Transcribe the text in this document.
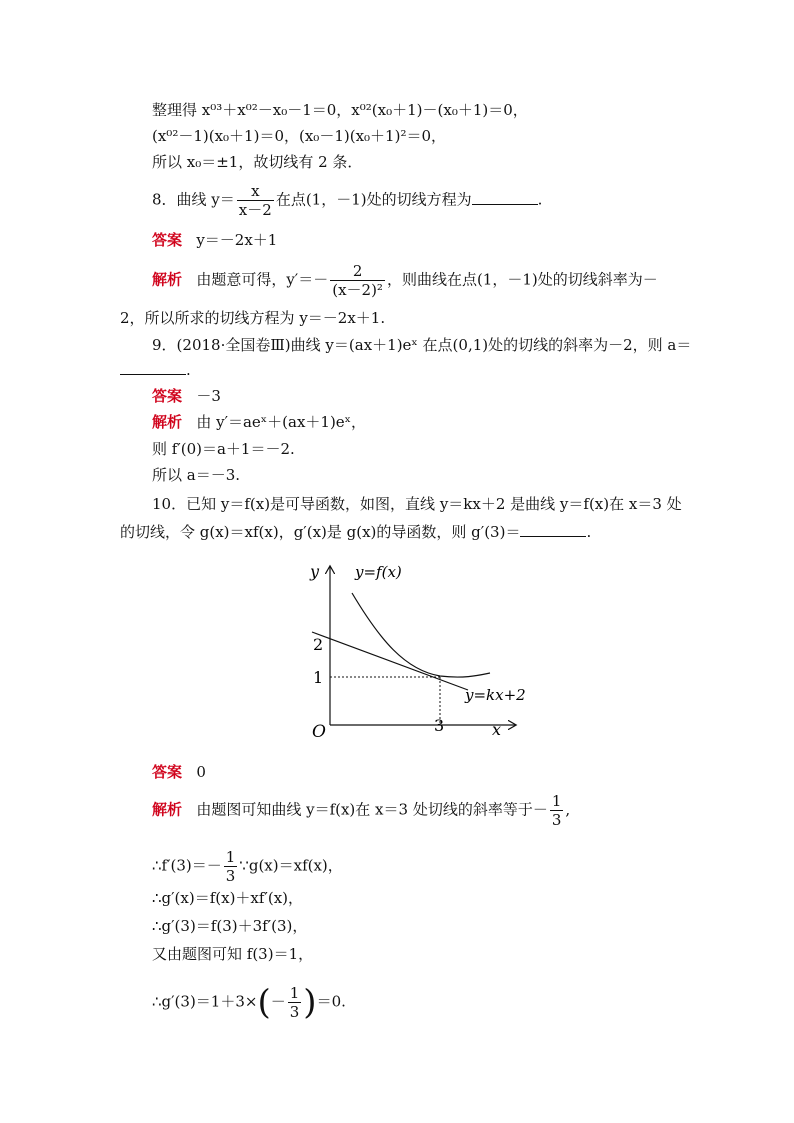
整理得 x⁰³＋x⁰²－x₀－1＝0，x⁰²(x₀＋1)－(x₀＋1)＝0，
(x⁰²－1)(x₀＋1)＝0，(x₀－1)(x₀＋1)²＝0，
所以 x₀＝±1，故切线有 2 条．
8．曲线 $y= \frac{x}{x-2}$ 在点(1，－1)处的切线方程为	.
答案 y＝－2x＋1
解析 由题意可得，$y'=- \frac{2}{\text{(x－2)²}}$ ，则曲线在点(1，－1)处的切线斜率为－
2，所以所求的切线方程为 y＝－2x＋1.
9．(2018·全国卷Ⅲ)曲线 y＝(ax＋1)eˣ 在点(0,1)处的切线的斜率为－2，则 a＝
.
答案 －3
解析 由 y′＝aeˣ＋(ax＋1)eˣ，
则 f′(0)＝a＋1＝－2.
所以 a＝－3.
10．已知 y＝f(x)是可导函数，如图，直线 y＝kx＋2 是曲线 y＝f(x)在 x＝3 处
的切线，令 g(x)＝xf(x)，g′(x)是 g(x)的导函数，则 g′(3)＝	.
y
x
O
y=f(x)
y=kx+2
2
1
3
答案 0
解析 由题图可知曲线 y＝f(x)在 x＝3 处切线的斜率等于－ $\frac{1}{3}$ ,
∴f′(3)＝－ $\frac{1}{3}$ ∵g(x)＝xf(x)，
∴g′(x)＝f(x)＋xf′(x)，
∴g′(3)＝f(3)＋3f′(3)，
又由题图可知 f(3)＝1，
∴g′(3)＝1＋3×(－ $\frac{1}{3} )=0$.
